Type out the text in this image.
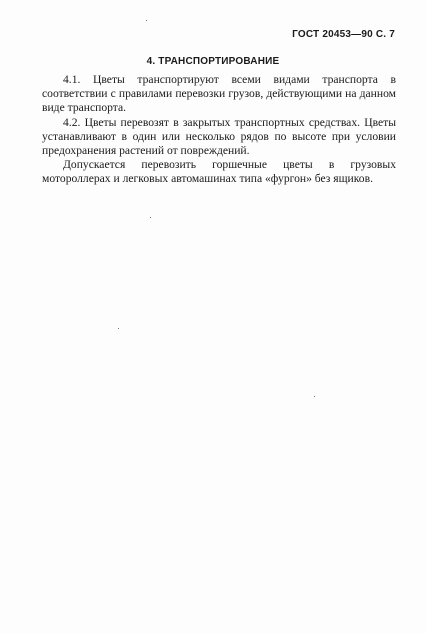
ГОСТ 20453—90 С. 7
4. ТРАНСПОРТИРОВАНИЕ

4.1. Цветы транспортируют всеми видами транспорта в соответствии с правилами перевозки грузов, действующими на данном виде транспорта.

4.2. Цветы перевозят в закрытых транспортных средствах. Цветы устанавливают в один или несколько рядов по высоте при условии предохранения растений от повреждений.

Допускается перевозить горшечные цветы в грузовых мотороллерах и легковых автомашинах типа «фургон» без ящиков.
